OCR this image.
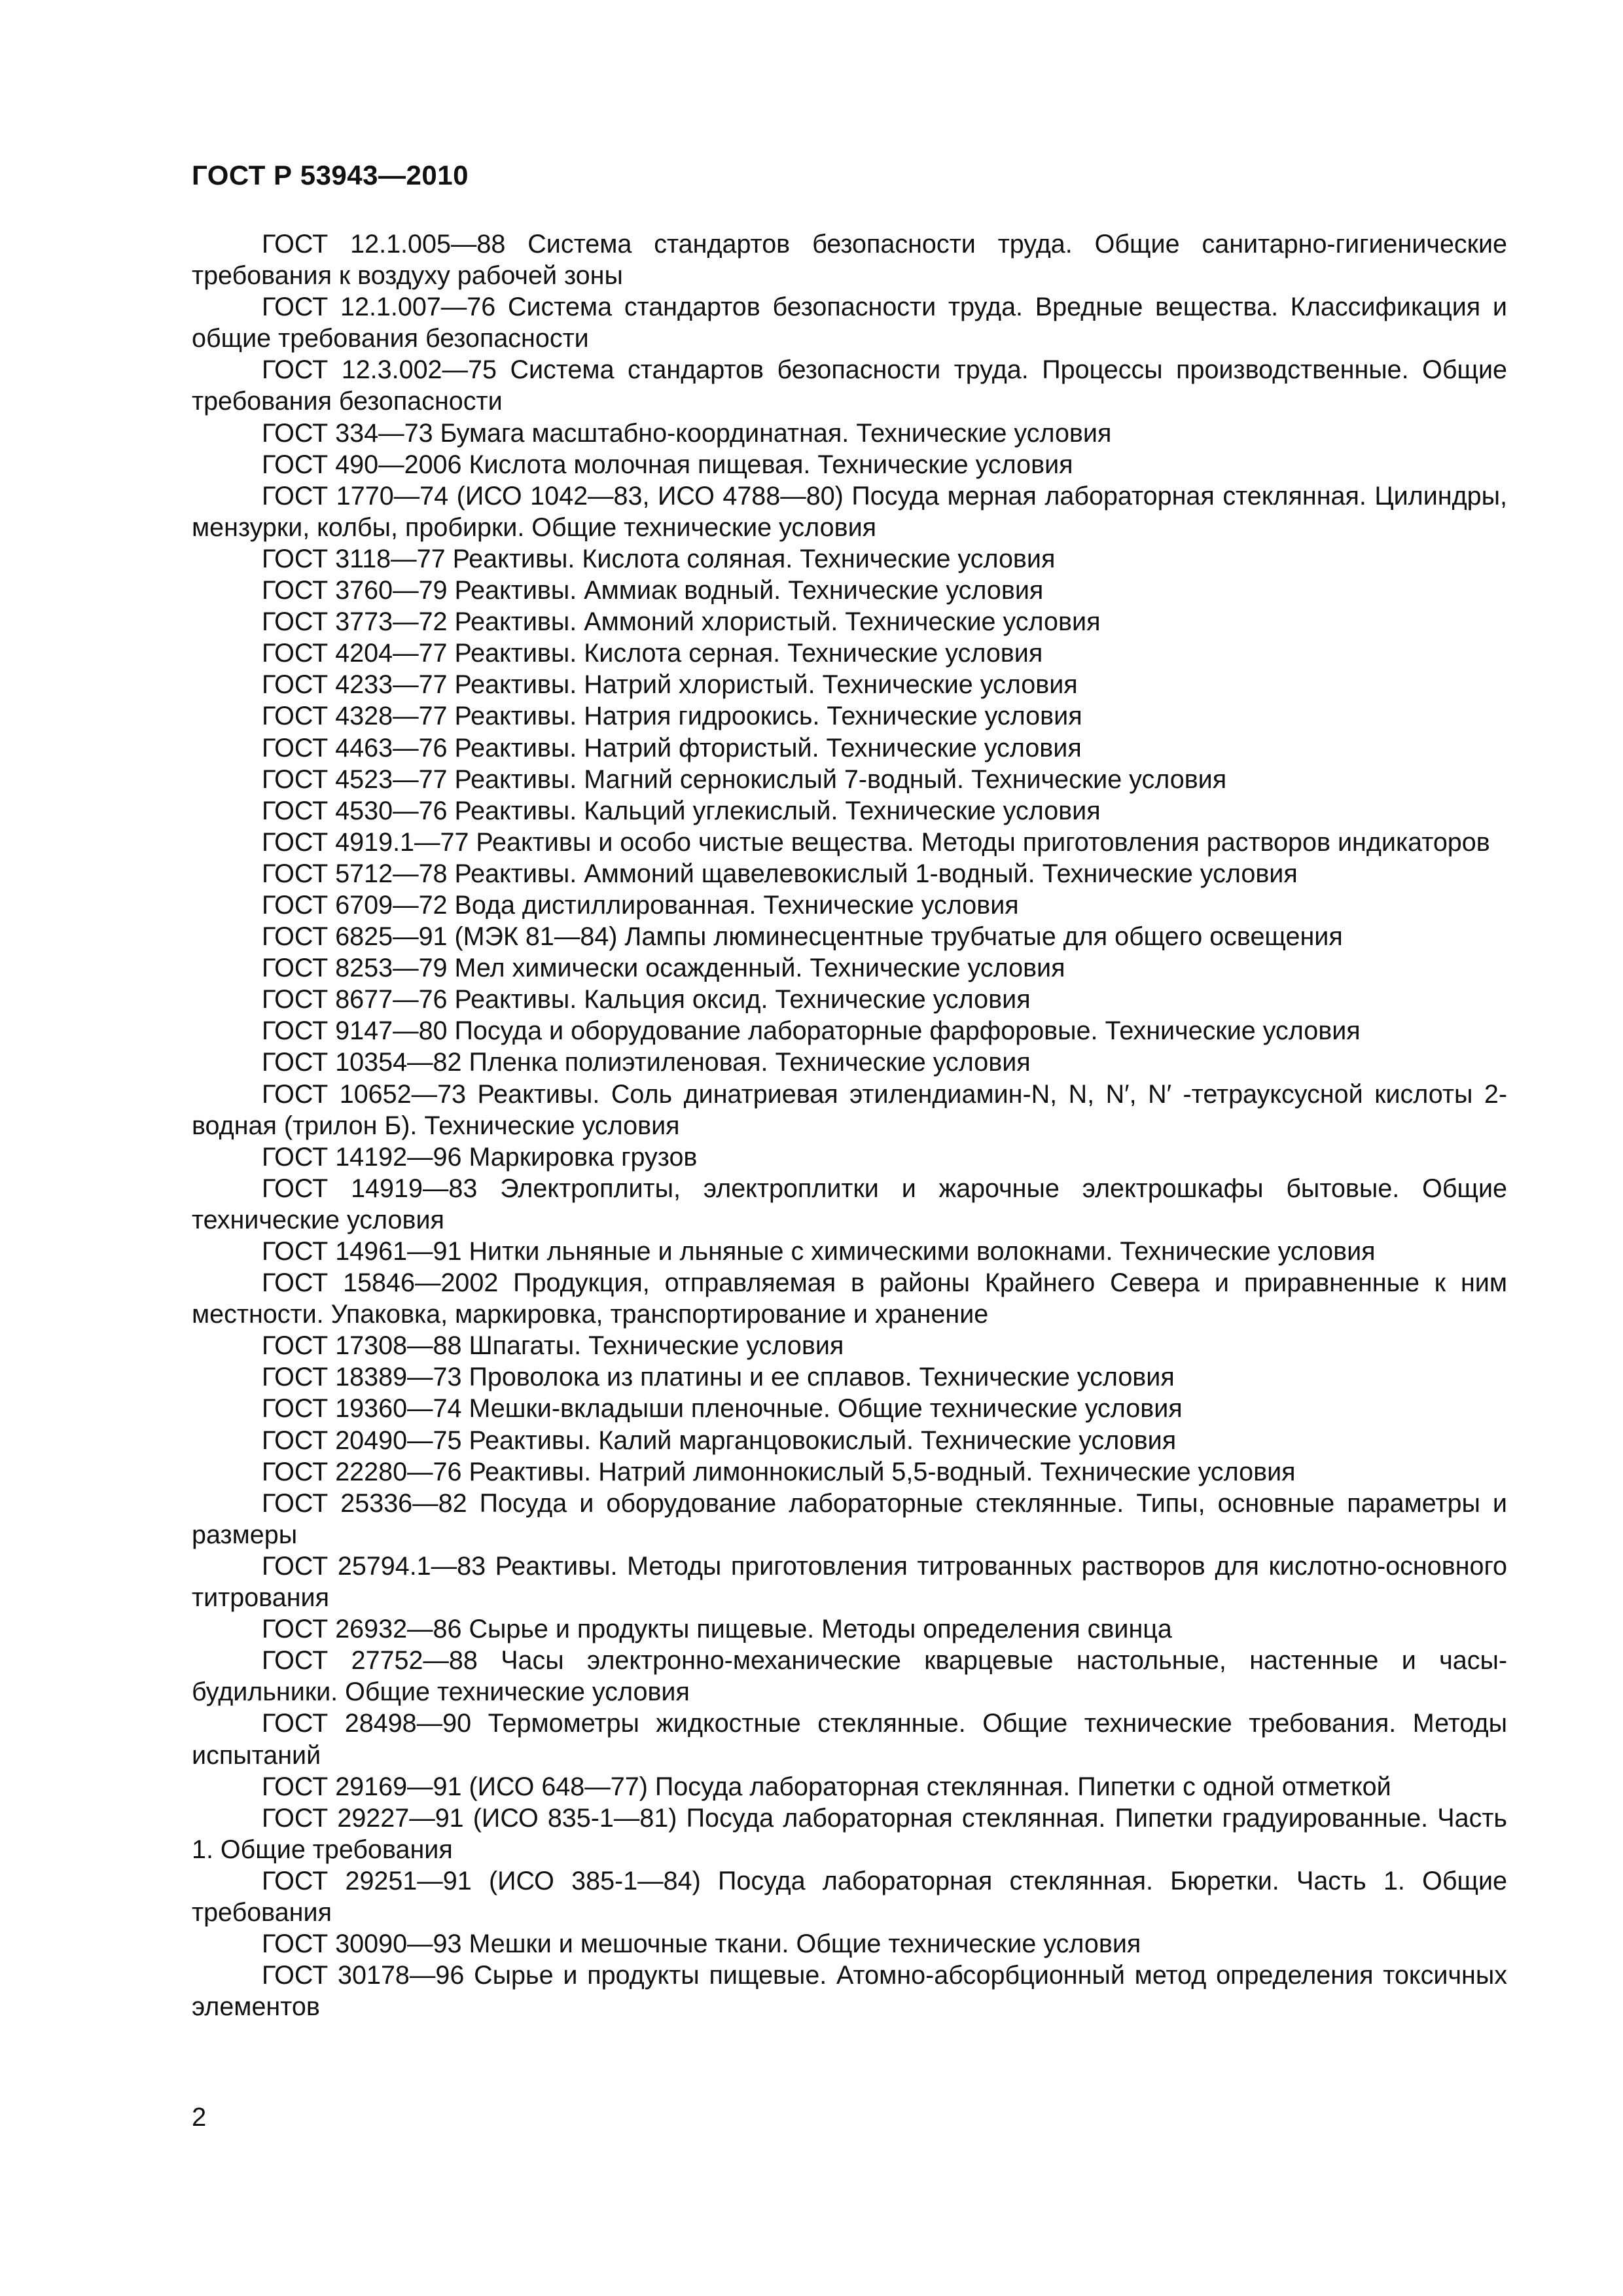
ГОСТ Р 53943—2010

ГОСТ 12.1.005—88 Система стандартов безопасности труда. Общие санитарно-гигиенические требования к воздуху рабочей зоны

ГОСТ 12.1.007—76 Система стандартов безопасности труда. Вредные вещества. Классификация и общие требования безопасности

ГОСТ 12.3.002—75 Система стандартов безопасности труда. Процессы производственные. Общие требования безопасности

ГОСТ 334—73 Бумага масштабно-координатная. Технические условия

ГОСТ 490—2006 Кислота молочная пищевая. Технические условия

ГОСТ 1770—74 (ИСО 1042—83, ИСО 4788—80) Посуда мерная лабораторная стеклянная. Цилиндры, мензурки, колбы, пробирки. Общие технические условия

ГОСТ 3118—77 Реактивы. Кислота соляная. Технические условия

ГОСТ 3760—79 Реактивы. Аммиак водный. Технические условия

ГОСТ 3773—72 Реактивы. Аммоний хлористый. Технические условия

ГОСТ 4204—77 Реактивы. Кислота серная. Технические условия

ГОСТ 4233—77 Реактивы. Натрий хлористый. Технические условия

ГОСТ 4328—77 Реактивы. Натрия гидроокись. Технические условия

ГОСТ 4463—76 Реактивы. Натрий фтористый. Технические условия

ГОСТ 4523—77 Реактивы. Магний сернокислый 7-водный. Технические условия

ГОСТ 4530—76 Реактивы. Кальций углекислый. Технические условия

ГОСТ 4919.1—77 Реактивы и особо чистые вещества. Методы приготовления растворов индикаторов

ГОСТ 5712—78 Реактивы. Аммоний щавелевокислый 1-водный. Технические условия

ГОСТ 6709—72 Вода дистиллированная. Технические условия

ГОСТ 6825—91 (МЭК 81—84) Лампы люминесцентные трубчатые для общего освещения

ГОСТ 8253—79 Мел химически осажденный. Технические условия

ГОСТ 8677—76 Реактивы. Кальция оксид. Технические условия

ГОСТ 9147—80 Посуда и оборудование лабораторные фарфоровые. Технические условия

ГОСТ 10354—82 Пленка полиэтиленовая. Технические условия

ГОСТ 10652—73 Реактивы. Соль динатриевая этилендиамин-N, N, N′, N′ -тетрауксусной кислоты 2-водная (трилон Б). Технические условия

ГОСТ 14192—96 Маркировка грузов

ГОСТ 14919—83 Электроплиты, электроплитки и жарочные электрошкафы бытовые. Общие технические условия

ГОСТ 14961—91 Нитки льняные и льняные с химическими волокнами. Технические условия

ГОСТ 15846—2002 Продукция, отправляемая в районы Крайнего Севера и приравненные к ним местности. Упаковка, маркировка, транспортирование и хранение

ГОСТ 17308—88 Шпагаты. Технические условия

ГОСТ 18389—73 Проволока из платины и ее сплавов. Технические условия

ГОСТ 19360—74 Мешки-вкладыши пленочные. Общие технические условия

ГОСТ 20490—75 Реактивы. Калий марганцовокислый. Технические условия

ГОСТ 22280—76 Реактивы. Натрий лимоннокислый 5,5-водный. Технические условия

ГОСТ 25336—82 Посуда и оборудование лабораторные стеклянные. Типы, основные параметры и размеры

ГОСТ 25794.1—83 Реактивы. Методы приготовления титрованных растворов для кислотно-основного титрования

ГОСТ 26932—86 Сырье и продукты пищевые. Методы определения свинца

ГОСТ 27752—88 Часы электронно-механические кварцевые настольные, настенные и часы-будильники. Общие технические условия

ГОСТ 28498—90 Термометры жидкостные стеклянные. Общие технические требования. Методы испытаний

ГОСТ 29169—91 (ИСО 648—77) Посуда лабораторная стеклянная. Пипетки с одной отметкой

ГОСТ 29227—91 (ИСО 835-1—81) Посуда лабораторная стеклянная. Пипетки градуированные. Часть 1. Общие требования

ГОСТ 29251—91 (ИСО 385-1—84) Посуда лабораторная стеклянная. Бюретки. Часть 1. Общие требования

ГОСТ 30090—93 Мешки и мешочные ткани. Общие технические условия

ГОСТ 30178—96 Сырье и продукты пищевые. Атомно-абсорбционный метод определения токсичных элементов

2
